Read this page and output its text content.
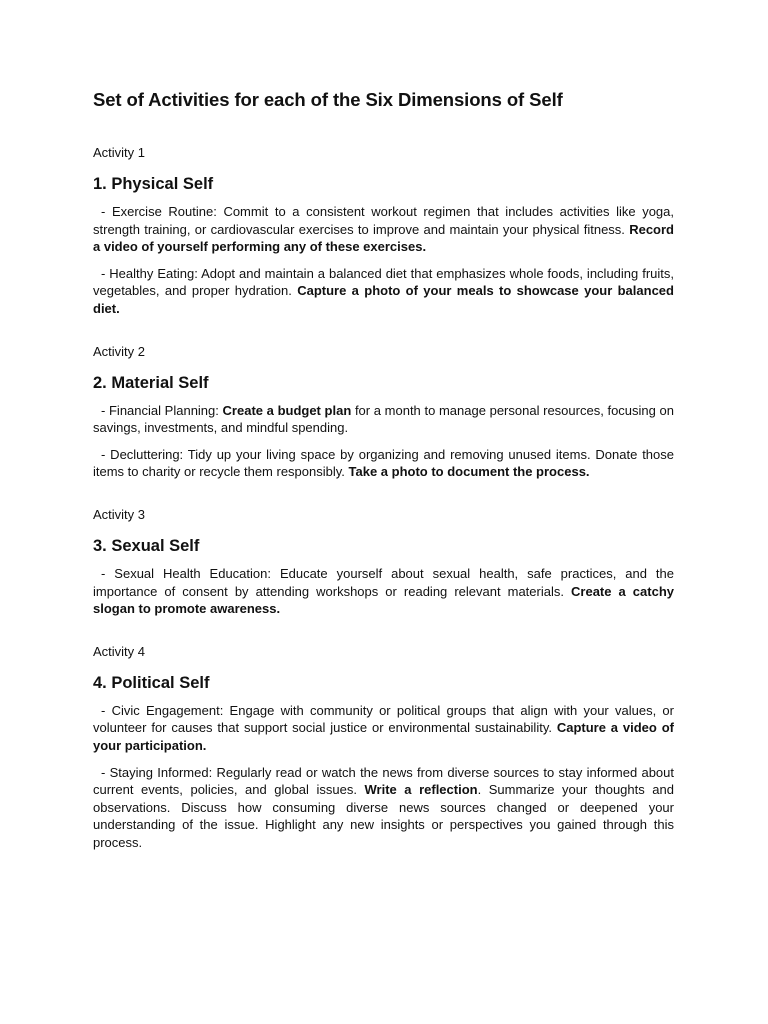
Set of Activities for each of the Six Dimensions of Self
Activity 1
1. Physical Self

- Exercise Routine: Commit to a consistent workout regimen that includes activities like yoga, strength training, or cardiovascular exercises to improve and maintain your physical fitness. Record a video of yourself performing any of these exercises.

- Healthy Eating: Adopt and maintain a balanced diet that emphasizes whole foods, including fruits, vegetables, and proper hydration. Capture a photo of your meals to showcase your balanced diet.

Activity 2
2. Material Self

- Financial Planning: Create a budget plan for a month to manage personal resources, focusing on savings, investments, and mindful spending.

- Decluttering: Tidy up your living space by organizing and removing unused items. Donate those items to charity or recycle them responsibly. Take a photo to document the process.

Activity 3
3. Sexual Self

- Sexual Health Education: Educate yourself about sexual health, safe practices, and the importance of consent by attending workshops or reading relevant materials. Create a catchy slogan to promote awareness.

Activity 4
4. Political Self

- Civic Engagement: Engage with community or political groups that align with your values, or volunteer for causes that support social justice or environmental sustainability. Capture a video of your participation.

- Staying Informed: Regularly read or watch the news from diverse sources to stay informed about current events, policies, and global issues. Write a reflection. Summarize your thoughts and observations. Discuss how consuming diverse news sources changed or deepened your understanding of the issue. Highlight any new insights or perspectives you gained through this process.
